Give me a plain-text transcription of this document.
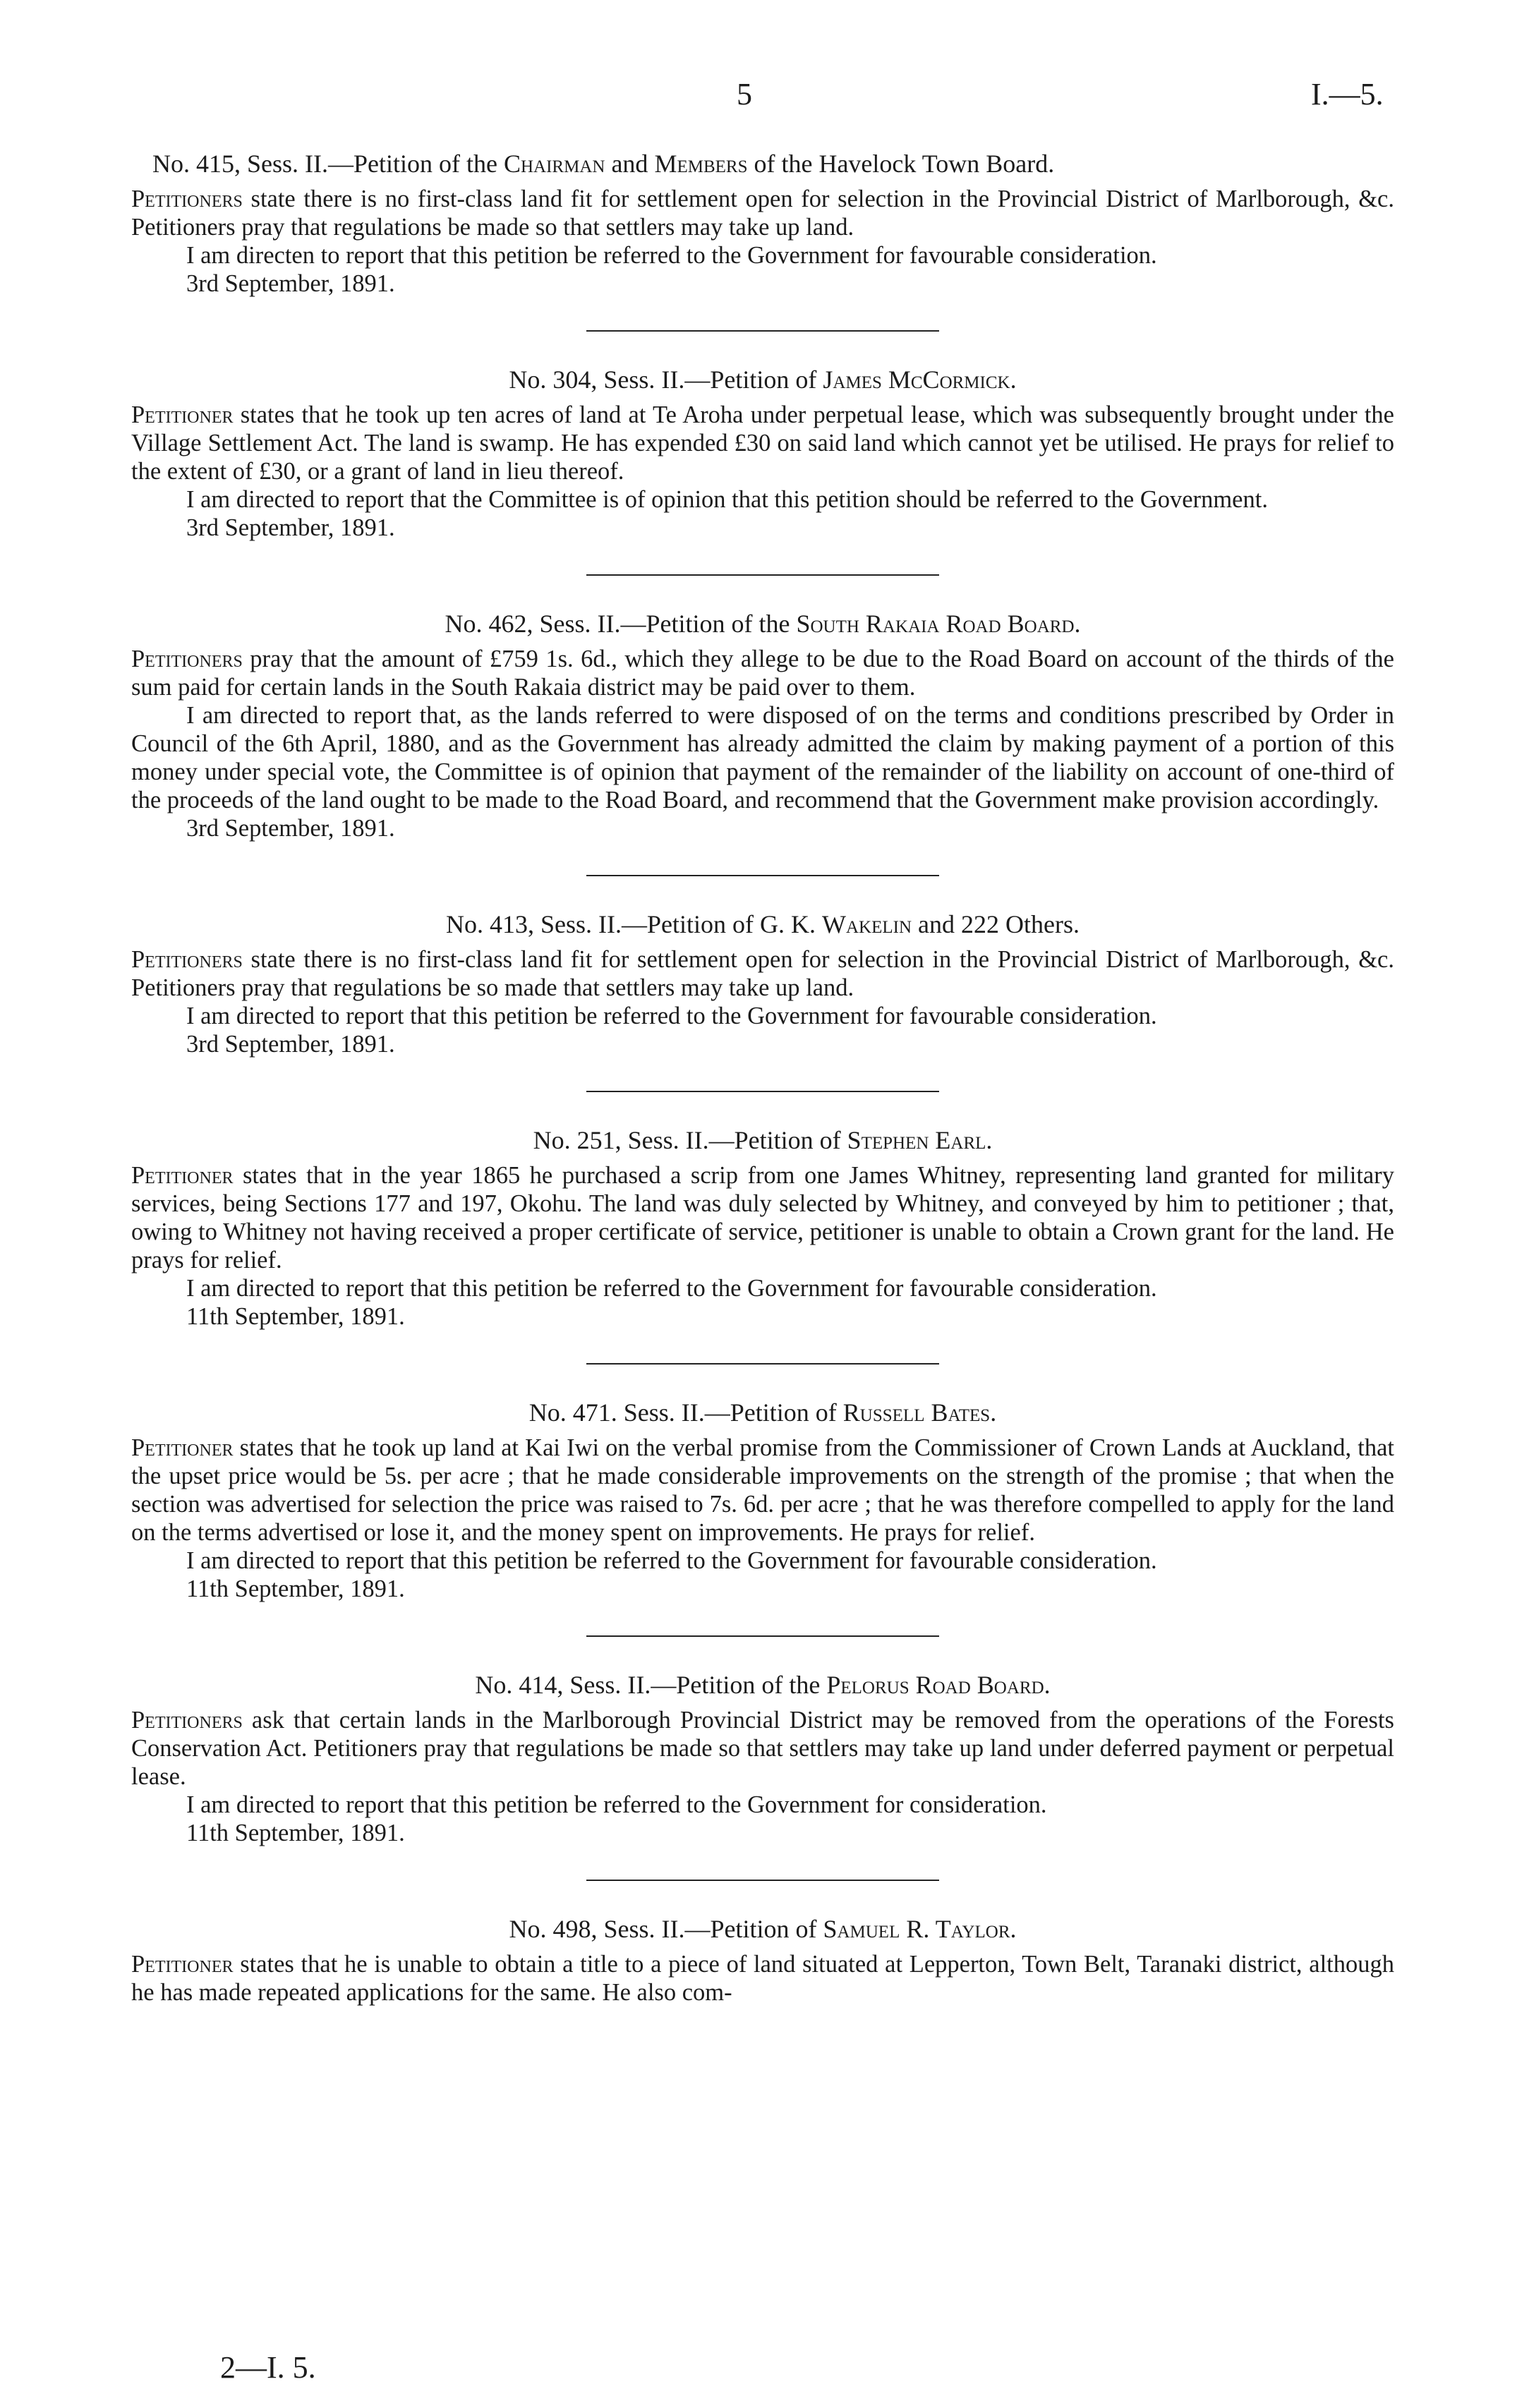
5	I.—5.

No. 415, Sess. II.—Petition of the Chairman and Members of the Havelock Town Board.

Petitioners state there is no first-class land fit for settlement open for selection in the Provincial District of Marlborough, &c. Petitioners pray that regulations be made so that settlers may take up land.

I am directen to report that this petition be referred to the Government for favourable consideration.

3rd September, 1891.

No. 304, Sess. II.—Petition of James McCormick.

Petitioner states that he took up ten acres of land at Te Aroha under perpetual lease, which was subsequently brought under the Village Settlement Act. The land is swamp. He has expended £30 on said land which cannot yet be utilised. He prays for relief to the extent of £30, or a grant of land in lieu thereof.

I am directed to report that the Committee is of opinion that this petition should be referred to the Government.

3rd September, 1891.

No. 462, Sess. II.—Petition of the South Rakaia Road Board.

Petitioners pray that the amount of £759 1s. 6d., which they allege to be due to the Road Board on account of the thirds of the sum paid for certain lands in the South Rakaia district may be paid over to them.

I am directed to report that, as the lands referred to were disposed of on the terms and conditions prescribed by Order in Council of the 6th April, 1880, and as the Government has already admitted the claim by making payment of a portion of this money under special vote, the Committee is of opinion that payment of the remainder of the liability on account of one-third of the proceeds of the land ought to be made to the Road Board, and recommend that the Government make provision accordingly.

3rd September, 1891.

No. 413, Sess. II.—Petition of G. K. Wakelin and 222 Others.

Petitioners state there is no first-class land fit for settlement open for selection in the Provincial District of Marlborough, &c. Petitioners pray that regulations be so made that settlers may take up land.

I am directed to report that this petition be referred to the Government for favourable consideration.

3rd September, 1891.

No. 251, Sess. II.—Petition of Stephen Earl.

Petitioner states that in the year 1865 he purchased a scrip from one James Whitney, representing land granted for military services, being Sections 177 and 197, Okohu. The land was duly selected by Whitney, and conveyed by him to petitioner ; that, owing to Whitney not having received a proper certificate of service, petitioner is unable to obtain a Crown grant for the land. He prays for relief.

I am directed to report that this petition be referred to the Government for favourable consideration.

11th September, 1891.

No. 471. Sess. II.—Petition of Russell Bates.

Petitioner states that he took up land at Kai Iwi on the verbal promise from the Commissioner of Crown Lands at Auckland, that the upset price would be 5s. per acre ; that he made considerable improvements on the strength of the promise ; that when the section was advertised for selection the price was raised to 7s. 6d. per acre ; that he was therefore compelled to apply for the land on the terms advertised or lose it, and the money spent on improvements. He prays for relief.

I am directed to report that this petition be referred to the Government for favourable consideration.

11th September, 1891.

No. 414, Sess. II.—Petition of the Pelorus Road Board.

Petitioners ask that certain lands in the Marlborough Provincial District may be removed from the operations of the Forests Conservation Act. Petitioners pray that regulations be made so that settlers may take up land under deferred payment or perpetual lease.

I am directed to report that this petition be referred to the Government for consideration.

11th September, 1891.

No. 498, Sess. II.—Petition of Samuel R. Taylor.

Petitioner states that he is unable to obtain a title to a piece of land situated at Lepperton, Town Belt, Taranaki district, although he has made repeated applications for the same. He also com-

2—I. 5.
